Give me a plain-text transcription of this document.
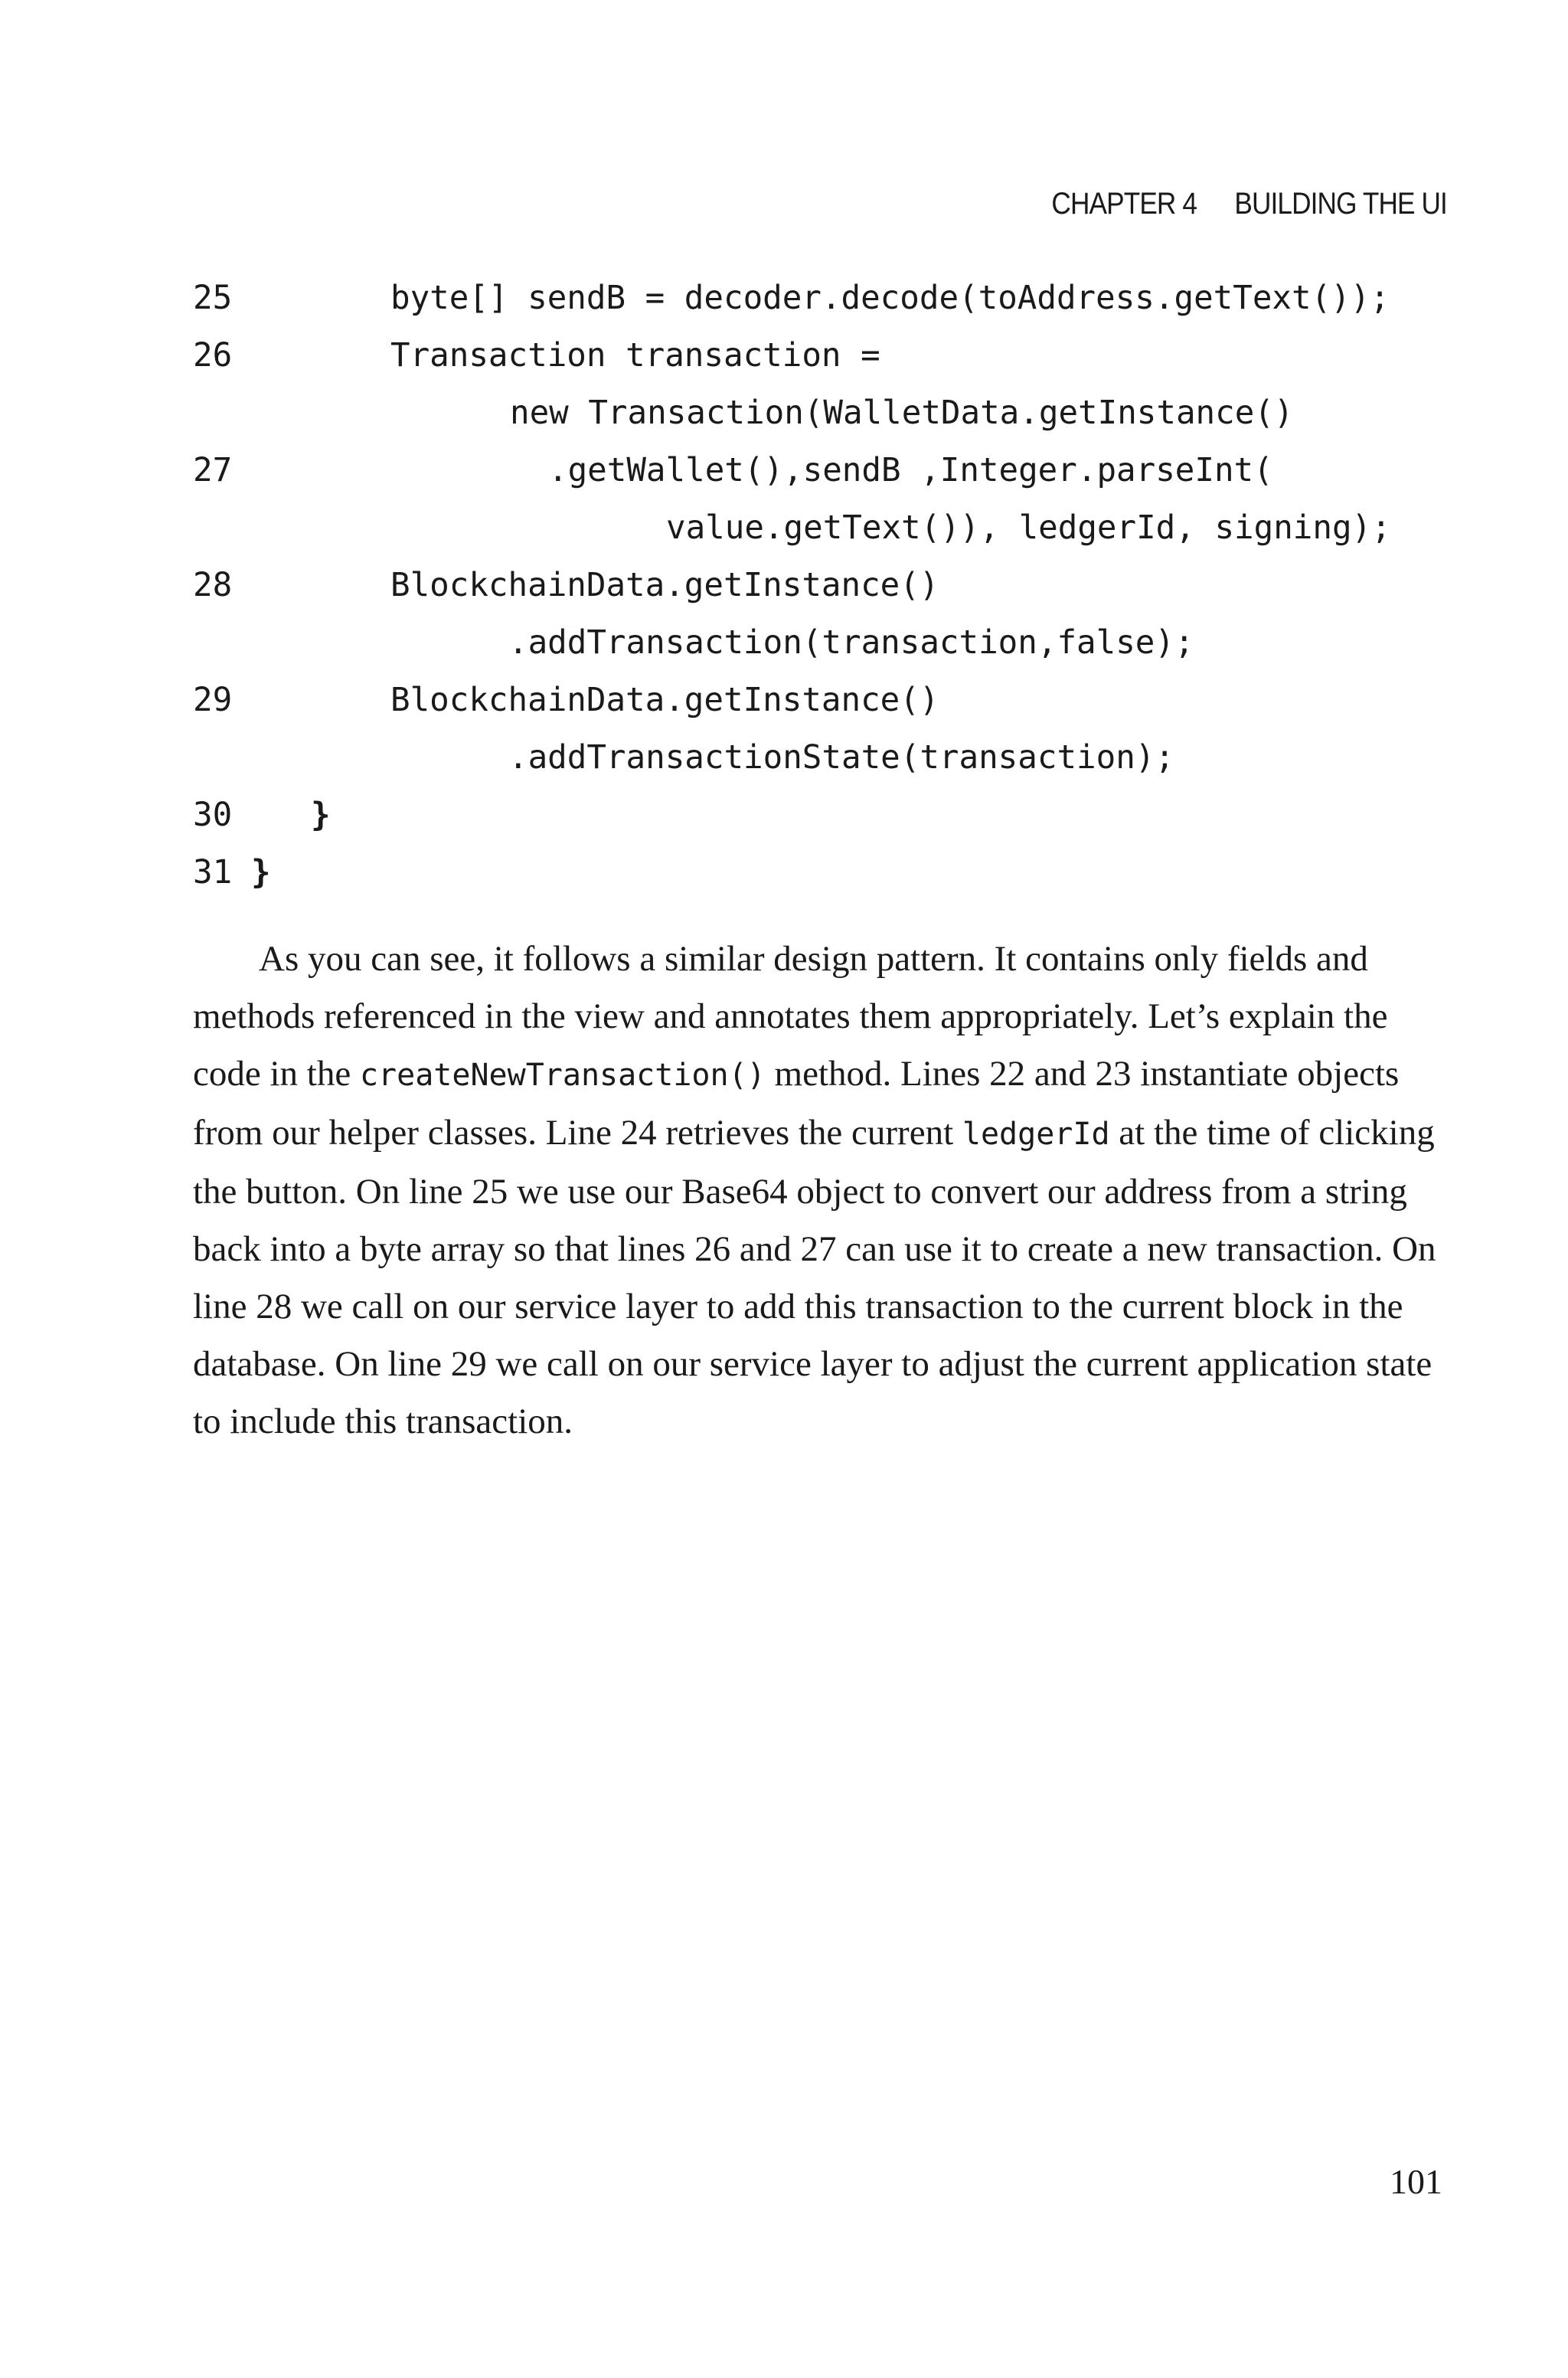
CHAPTER 4 BUILDING THE UI

25

	byte[] sendB = decoder.decode(toAddress.getText());

26

	Transaction transaction =

new Transaction(WalletData.getInstance()

27

	.getWallet(),sendB ,Integer.parseInt(

value.getText()), ledgerId, signing);

28

	BlockchainData.getInstance()

.addTransaction(transaction,false);

29

	BlockchainData.getInstance()

.addTransactionState(transaction);

30

}

31

}

As you can see, it follows a similar design pattern. It contains only fields and methods referenced in the view and annotates them appropriately. Let’s explain the code in the createNewTransaction() method. Lines 22 and 23 instantiate objects from our helper classes. Line 24 retrieves the current ledgerId at the time of clicking the button. On line 25 we use our Base64 object to convert our address from a string back into a byte array so that lines 26 and 27 can use it to create a new transaction. On line 28 we call on our service layer to add this transaction to the current block in the database. On line 29 we call on our service layer to adjust the current application state to include this transaction.

101
